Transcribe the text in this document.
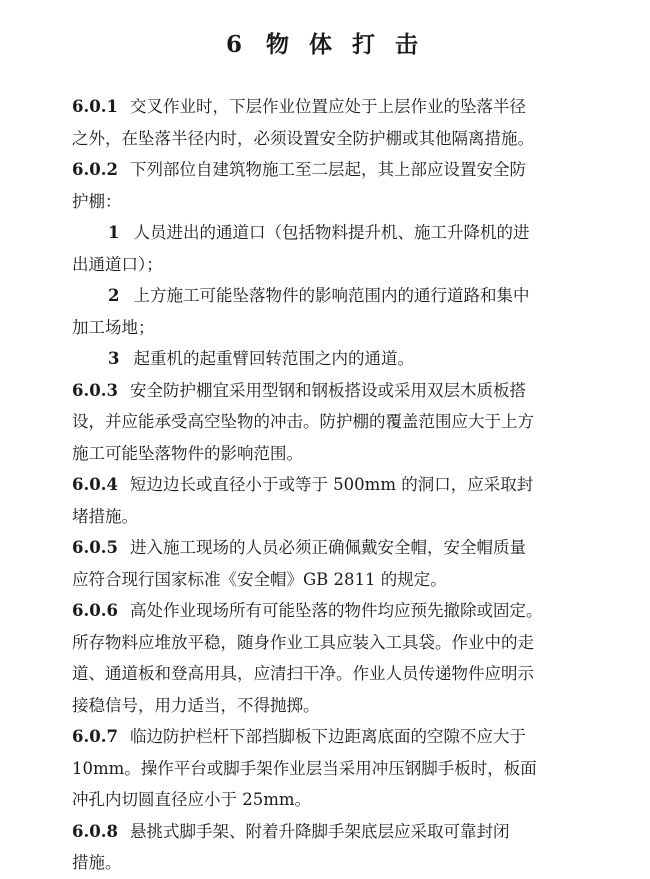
6 物 体 打 击
6.0.1 交叉作业时，下层作业位置应处于上层作业的坠落半径
之外，在坠落半径内时，必须设置安全防护棚或其他隔离措施。
6.0.2 下列部位自建筑物施工至二层起，其上部应设置安全防
护棚：
1 人员进出的通道口（包括物料提升机、施工升降机的进
出通道口）；
2 上方施工可能坠落物件的影响范围内的通行道路和集中
加工场地；
3 起重机的起重臂回转范围之内的通道。
6.0.3 安全防护棚宜采用型钢和钢板搭设或采用双层木质板搭
设，并应能承受高空坠物的冲击。防护棚的覆盖范围应大于上方
施工可能坠落物件的影响范围。
6.0.4 短边边长或直径小于或等于 500mm 的洞口，应采取封
堵措施。
6.0.5 进入施工现场的人员必须正确佩戴安全帽，安全帽质量
应符合现行国家标准《安全帽》GB 2811 的规定。
6.0.6 高处作业现场所有可能坠落的物件均应预先撤除或固定。
所存物料应堆放平稳，随身作业工具应装入工具袋。作业中的走
道、通道板和登高用具，应清扫干净。作业人员传递物件应明示
接稳信号，用力适当，不得抛掷。
6.0.7 临边防护栏杆下部挡脚板下边距离底面的空隙不应大于
10mm。操作平台或脚手架作业层当采用冲压钢脚手板时，板面
冲孔内切圆直径应小于 25mm。
6.0.8 悬挑式脚手架、附着升降脚手架底层应采取可靠封闭
措施。
